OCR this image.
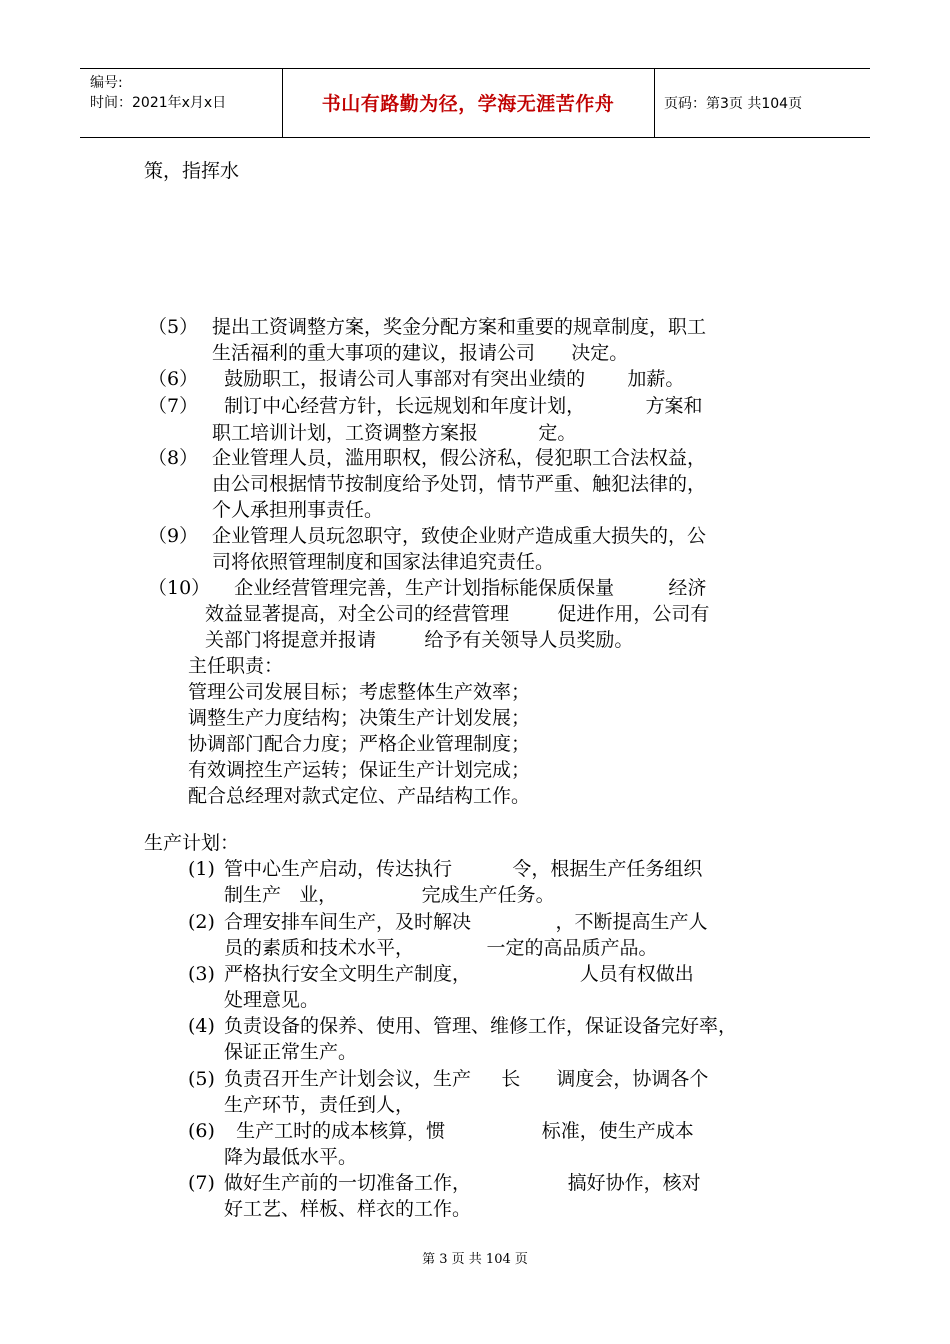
编号:
时间：2021年x月x日	书山有路勤为径，学海无涯苦作舟	页码：第3页 共104页
策，指挥水
（5） 提出工资调整方案，奖金分配方案和重要的规章制度，职工
生活福利的重大事项的建议，报请公司      决定。
（6） 鼓励职工，报请公司人事部对有突出业绩的       加薪。
（7） 制订中心经营方针，长远规划和年度计划，          方案和
职工培训计划，工资调整方案报          定。
（8） 企业管理人员，滥用职权，假公济私，侵犯职工合法权益，
由公司根据情节按制度给予处罚，情节严重、触犯法律的，
个人承担刑事责任。
（9） 企业管理人员玩忽职守，致使企业财产造成重大损失的，公
司将依照管理制度和国家法律追究责任。
（10） 企业经营管理完善，生产计划指标能保质保量         经济
效益显著提高，对全公司的经营管理        促进作用，公司有
关部门将提意并报请        给予有关领导人员奖励。
主任职责：
管理公司发展目标；考虑整体生产效率；
调整生产力度结构；决策生产计划发展；
协调部门配合力度；严格企业管理制度；
有效调控生产运转；保证生产计划完成；
配合总经理对款式定位、产品结构工作。
生产计划：
(1) 管中心生产启动，传达执行          令，根据生产任务组织
制生产   业，              完成生产任务。
(2) 合理安排车间生产，及时解决              ，不断提高生产人
员的素质和技术水平，            一定的高品质产品。
(3) 严格执行安全文明生产制度，                  人员有权做出
处理意见。
(4) 负责设备的保养、使用、管理、维修工作，保证设备完好率，
保证正常生产。
(5) 负责召开生产计划会议，生产     长      调度会，协调各个
生产环节，责任到人，
(6) 生产工时的成本核算，惯                标准，使生产成本
降为最低水平。
(7) 做好生产前的一切准备工作，                搞好协作，核对
好工艺、样板、样衣的工作。
第 3 页 共 104 页
